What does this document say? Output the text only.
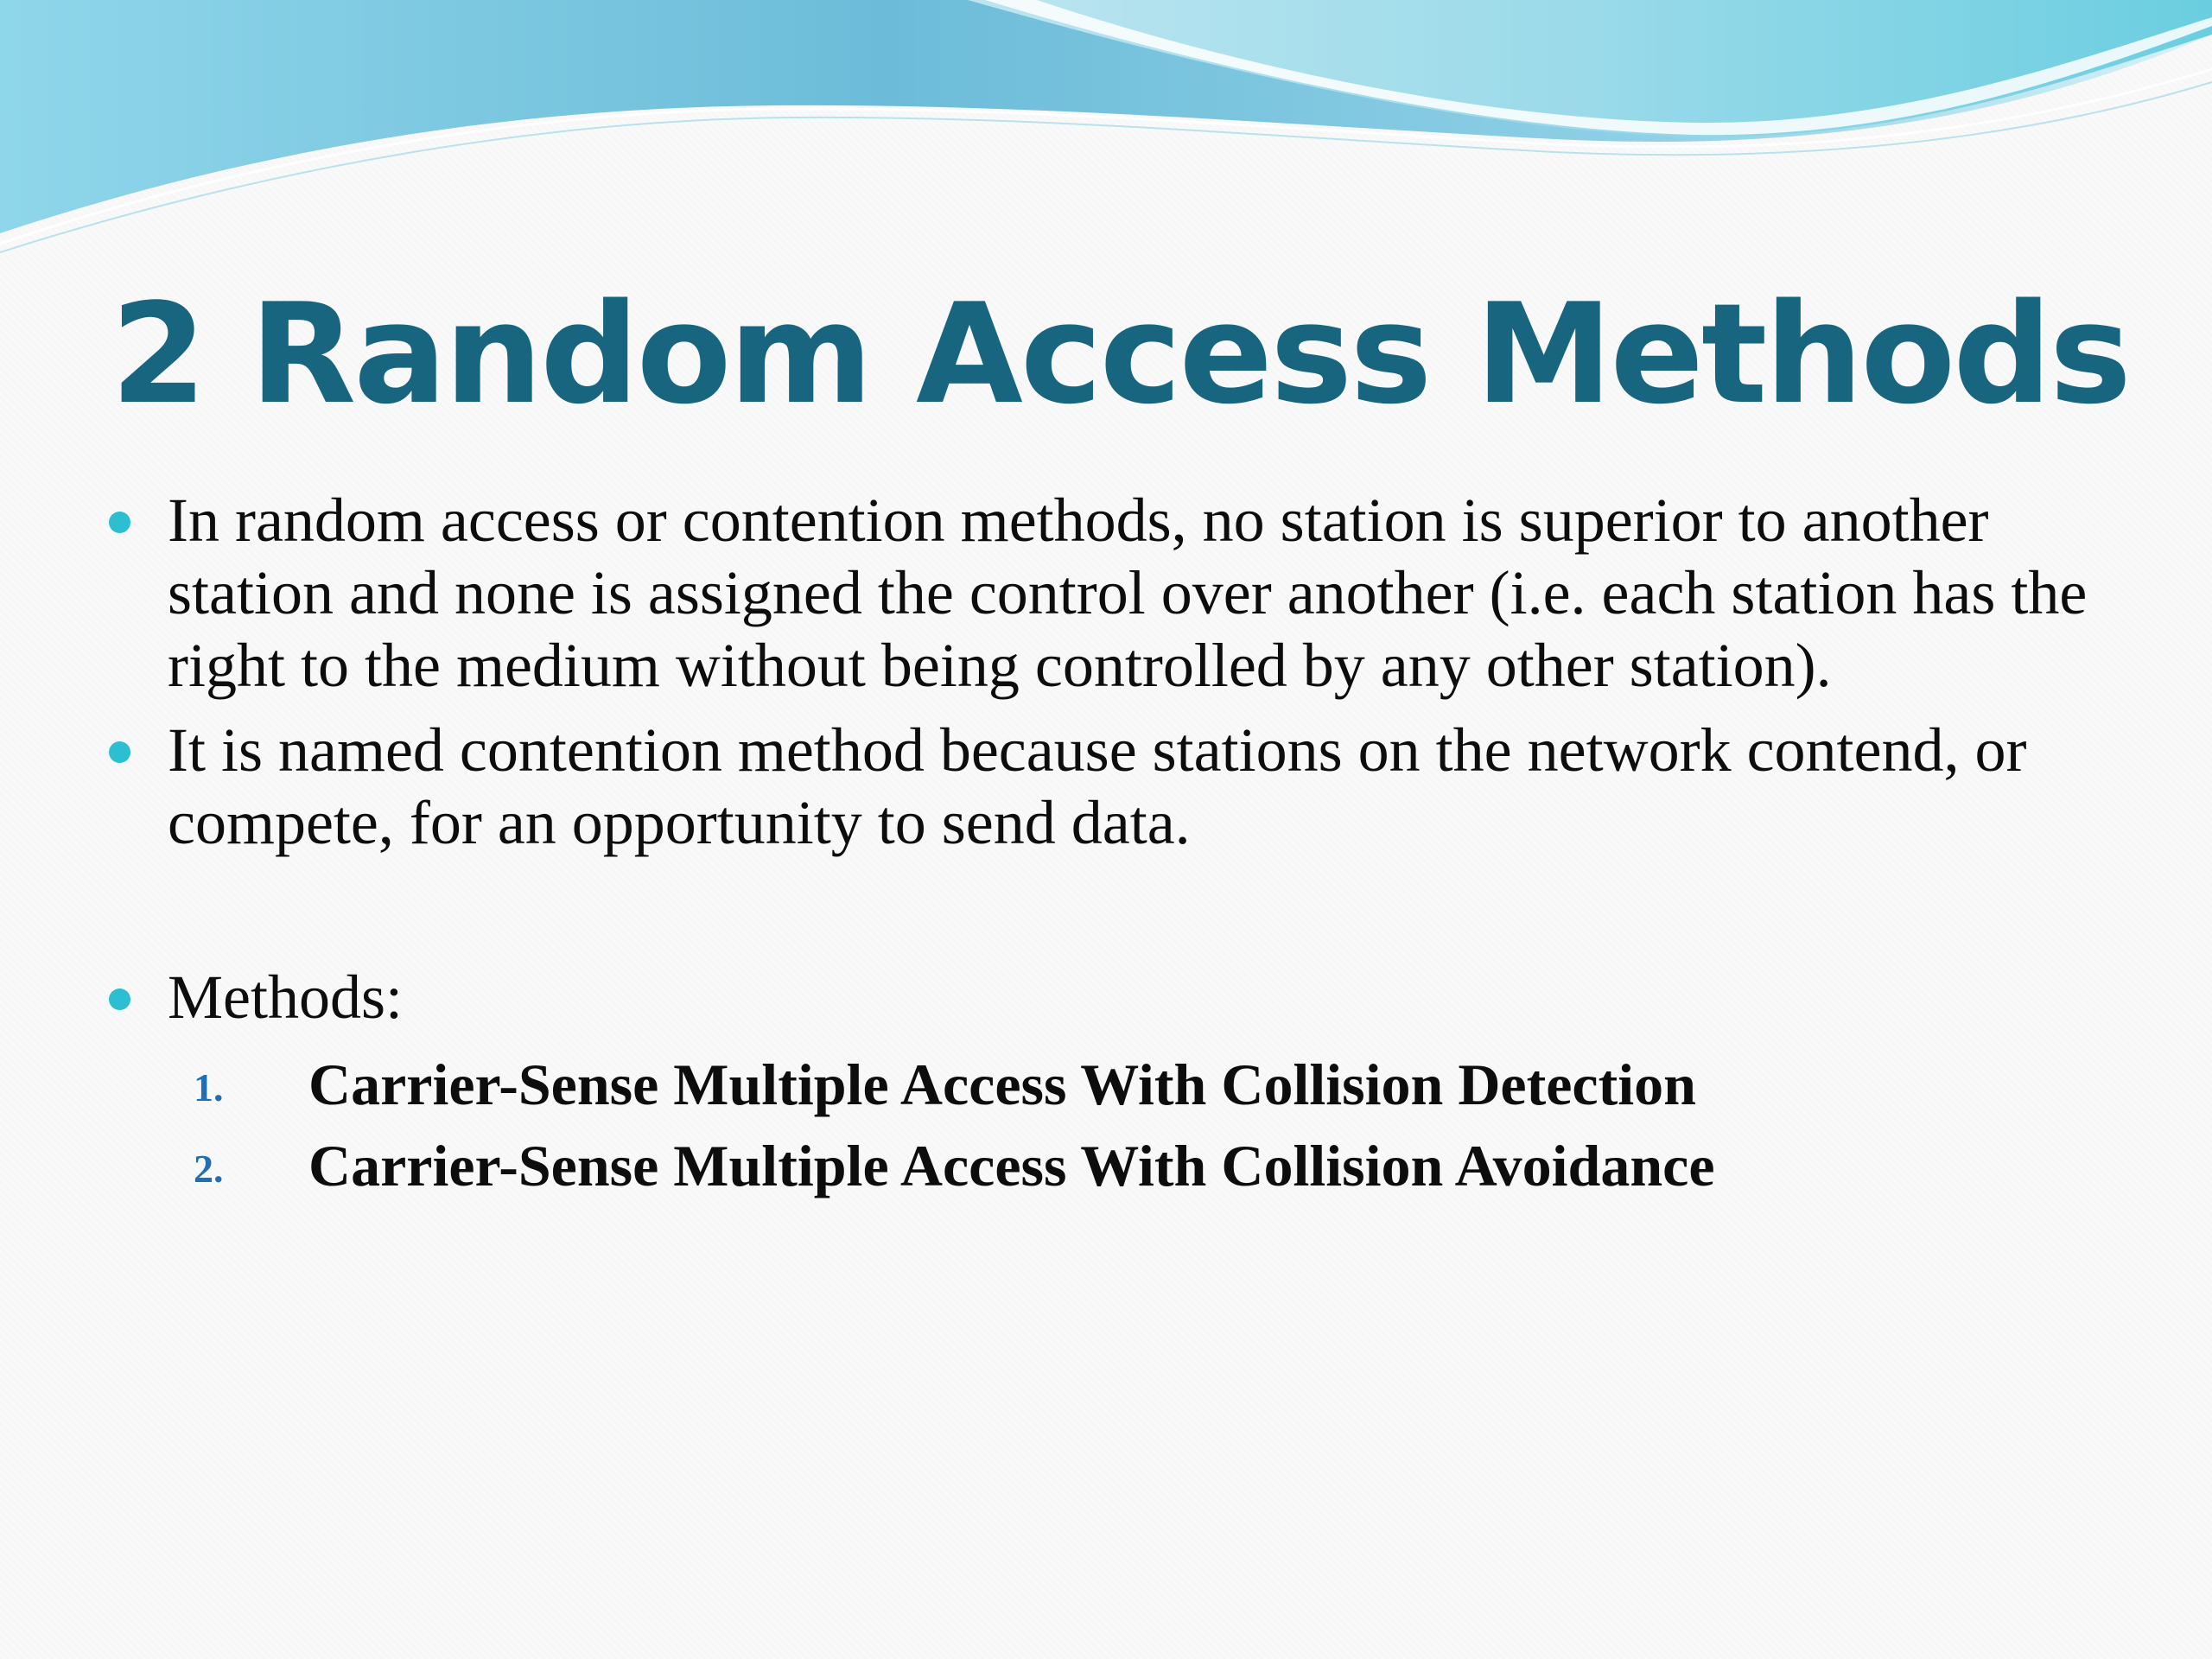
2 Random Access Methods
In random access or contention methods, no station is superior to another station and none is assigned the control over another (i.e. each station has the right to the medium without being controlled by any other station).
It is named contention method because stations on the network contend, or compete, for an opportunity to send data.
Methods:
1. Carrier-Sense Multiple Access With Collision Detection
2. Carrier-Sense Multiple Access With Collision Avoidance
